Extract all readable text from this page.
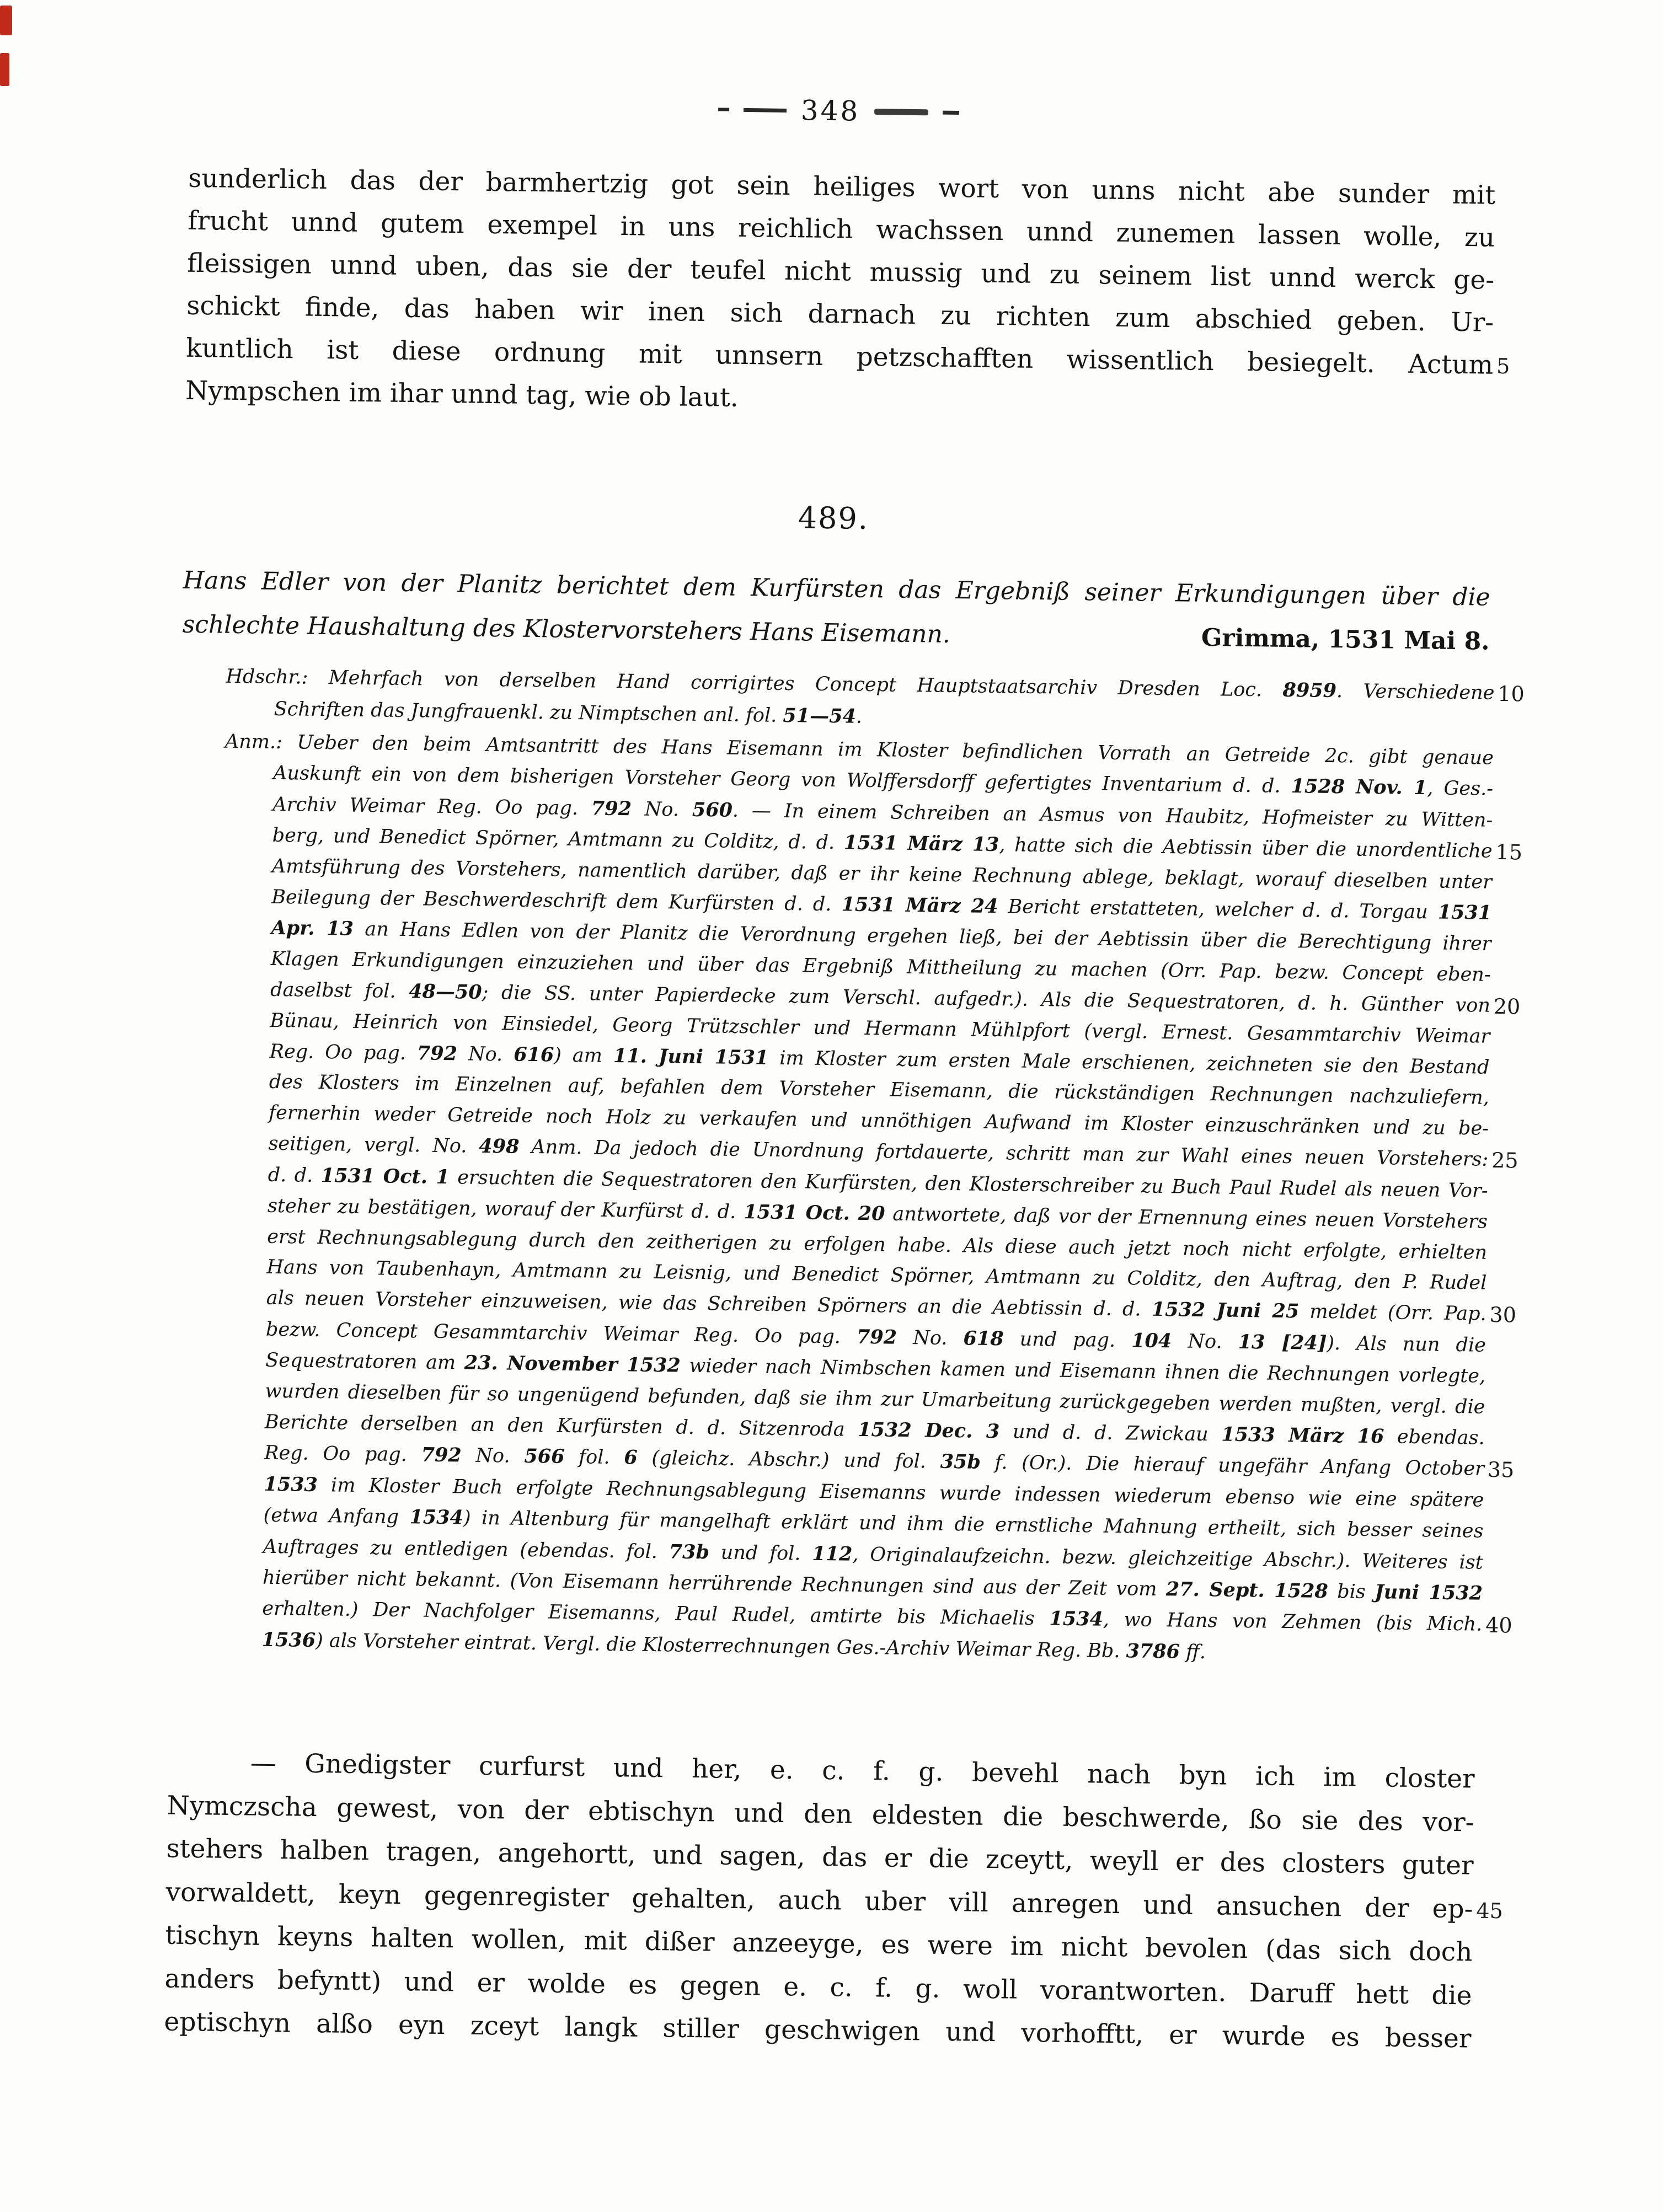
348
sunderlich das der barmhertzig got sein heiliges wort von unns nicht abe sunder mit
frucht unnd gutem exempel in uns reichlich wachssen unnd zunemen lassen wolle, zu
fleissigen unnd uben, das sie der teufel nicht mussig und zu seinem list unnd werck ge-
schickt finde, das haben wir inen sich darnach zu richten zum abschied geben. Ur-
kuntlich ist diese ordnung mit unnsern petzschafften wissentlich besiegelt. Actum 5
Nympschen im ihar unnd tag, wie ob laut.
489.
Hans Edler von der Planitz berichtet dem Kurfürsten das Ergebniß seiner Erkundigungen über die
schlechte Haushaltung des Klostervorstehers Hans Eisemann.	Grimma, 1531 Mai 8.
Hdschr.: Mehrfach von derselben Hand corrigirtes Concept Hauptstaatsarchiv Dresden Loc. 8959. Verschiedene 10
Schriften das Jungfrauenkl. zu Nimptschen anl. fol. 51—54.
Anm.: Ueber den beim Amtsantritt des Hans Eisemann im Kloster befindlichen Vorrath an Getreide 2c. gibt genaue
Auskunft ein von dem bisherigen Vorsteher Georg von Wolffersdorff gefertigtes Inventarium d. d. 1528 Nov. 1, Ges.-
Archiv Weimar Reg. Oo pag. 792 No. 560. — In einem Schreiben an Asmus von Haubitz, Hofmeister zu Witten-
berg, und Benedict Spörner, Amtmann zu Colditz, d. d. 1531 März 13, hatte sich die Aebtissin über die unordentliche 15
Amtsführung des Vorstehers, namentlich darüber, daß er ihr keine Rechnung ablege, beklagt, worauf dieselben unter
Beilegung der Beschwerdeschrift dem Kurfürsten d. d. 1531 März 24 Bericht erstatteten, welcher d. d. Torgau 1531
Apr. 13 an Hans Edlen von der Planitz die Verordnung ergehen ließ, bei der Aebtissin über die Berechtigung ihrer
Klagen Erkundigungen einzuziehen und über das Ergebniß Mittheilung zu machen (Orr. Pap. bezw. Concept eben-
daselbst fol. 48—50; die SS. unter Papierdecke zum Verschl. aufgedr.). Als die Sequestratoren, d. h. Günther von 20
Bünau, Heinrich von Einsiedel, Georg Trützschler und Hermann Mühlpfort (vergl. Ernest. Gesammtarchiv Weimar
Reg. Oo pag. 792 No. 616) am 11. Juni 1531 im Kloster zum ersten Male erschienen, zeichneten sie den Bestand
des Klosters im Einzelnen auf, befahlen dem Vorsteher Eisemann, die rückständigen Rechnungen nachzuliefern,
fernerhin weder Getreide noch Holz zu verkaufen und unnöthigen Aufwand im Kloster einzuschränken und zu be-
seitigen, vergl. No. 498 Anm. Da jedoch die Unordnung fortdauerte, schritt man zur Wahl eines neuen Vorstehers: 25
d. d. 1531 Oct. 1 ersuchten die Sequestratoren den Kurfürsten, den Klosterschreiber zu Buch Paul Rudel als neuen Vor-
steher zu bestätigen, worauf der Kurfürst d. d. 1531 Oct. 20 antwortete, daß vor der Ernennung eines neuen Vorstehers
erst Rechnungsablegung durch den zeitherigen zu erfolgen habe. Als diese auch jetzt noch nicht erfolgte, erhielten
Hans von Taubenhayn, Amtmann zu Leisnig, und Benedict Spörner, Amtmann zu Colditz, den Auftrag, den P. Rudel
als neuen Vorsteher einzuweisen, wie das Schreiben Spörners an die Aebtissin d. d. 1532 Juni 25 meldet (Orr. Pap. 30
bezw. Concept Gesammtarchiv Weimar Reg. Oo pag. 792 No. 618 und pag. 104 No. 13 [24]). Als nun die
Sequestratoren am 23. November 1532 wieder nach Nimbschen kamen und Eisemann ihnen die Rechnungen vorlegte,
wurden dieselben für so ungenügend befunden, daß sie ihm zur Umarbeitung zurückgegeben werden mußten, vergl. die
Berichte derselben an den Kurfürsten d. d. Sitzenroda 1532 Dec. 3 und d. d. Zwickau 1533 März 16 ebendas.
Reg. Oo pag. 792 No. 566 fol. 6 (gleichz. Abschr.) und fol. 35b f. (Or.). Die hierauf ungefähr Anfang October 35
1533 im Kloster Buch erfolgte Rechnungsablegung Eisemanns wurde indessen wiederum ebenso wie eine spätere
(etwa Anfang 1534) in Altenburg für mangelhaft erklärt und ihm die ernstliche Mahnung ertheilt, sich besser seines
Auftrages zu entledigen (ebendas. fol. 73b und fol. 112, Originalaufzeichn. bezw. gleichzeitige Abschr.). Weiteres ist
hierüber nicht bekannt. (Von Eisemann herrührende Rechnungen sind aus der Zeit vom 27. Sept. 1528 bis Juni 1532
erhalten.) Der Nachfolger Eisemanns, Paul Rudel, amtirte bis Michaelis 1534, wo Hans von Zehmen (bis Mich. 40
1536) als Vorsteher eintrat. Vergl. die Klosterrechnungen Ges.-Archiv Weimar Reg. Bb. 3786 ff.
— Gnedigster curfurst und her, e. c. f. g. bevehl nach byn ich im closter
Nymczscha gewest, von der ebtischyn und den eldesten die beschwerde, ßo sie des vor-
stehers halben tragen, angehortt, und sagen, das er die zceytt, weyll er des closters guter
vorwaldett, keyn gegenregister gehalten, auch uber vill anregen und ansuchen der ep- 45
tischyn keyns halten wollen, mit dißer anzeeyge, es were im nicht bevolen (das sich doch
anders befyntt) und er wolde es gegen e. c. f. g. woll vorantworten. Daruff hett die
eptischyn alßo eyn zceyt langk stiller geschwigen und vorhofftt, er wurde es besser
